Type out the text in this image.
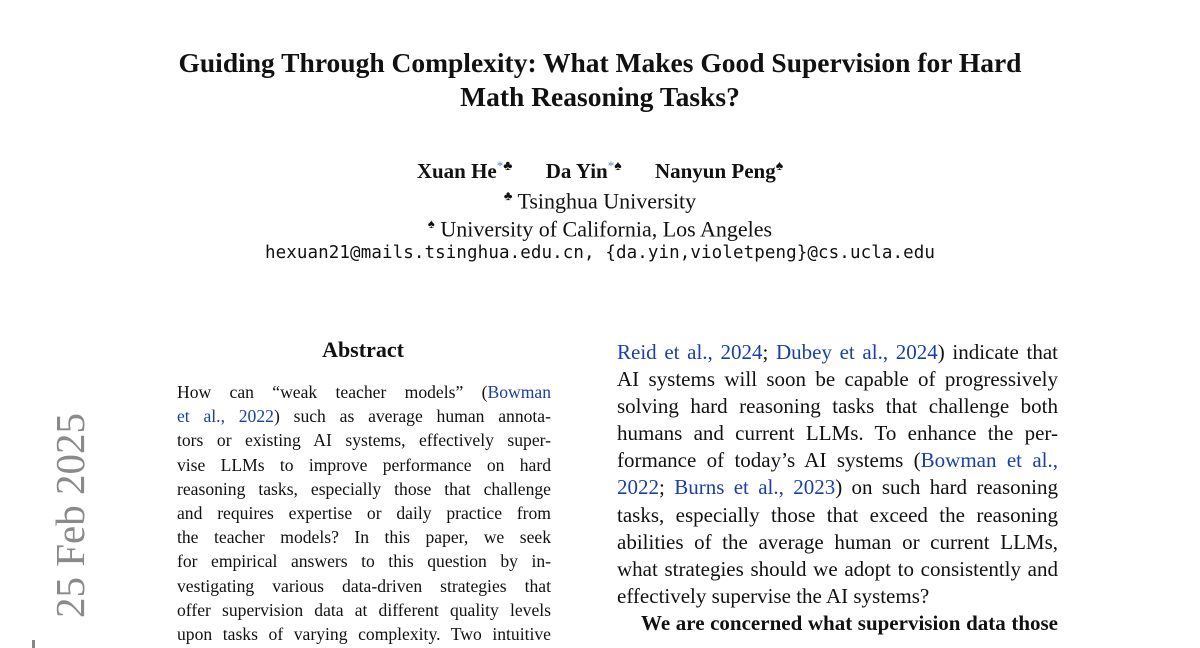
Guiding Through Complexity: What Makes Good Supervision for Hard Math Reasoning Tasks?
Xuan He*♣ Da Yin*♠ Nanyun Peng♠
♣ Tsinghua University
♠ University of California, Los Angeles
hexuan21@mails.tsinghua.edu.cn, {da.yin,violetpeng}@cs.ucla.edu
Abstract
How can “weak teacher models” (Bowman
et al., 2022) such as average human annota-
tors or existing AI systems, effectively super-
vise LLMs to improve performance on hard
reasoning tasks, especially those that challenge
and requires expertise or daily practice from
the teacher models? In this paper, we seek
for empirical answers to this question by in-
vestigating various data-driven strategies that
offer supervision data at different quality levels
upon tasks of varying complexity. Two intuitive
Reid et al., 2024; Dubey et al., 2024) indicate that
AI systems will soon be capable of progressively
solving hard reasoning tasks that challenge both
humans and current LLMs. To enhance the per-
formance of today’s AI systems (Bowman et al.,
2022; Burns et al., 2023) on such hard reasoning
tasks, especially those that exceed the reasoning
abilities of the average human or current LLMs,
what strategies should we adopt to consistently and
effectively supervise the AI systems?
We are concerned what supervision data those
25 Feb 2025
